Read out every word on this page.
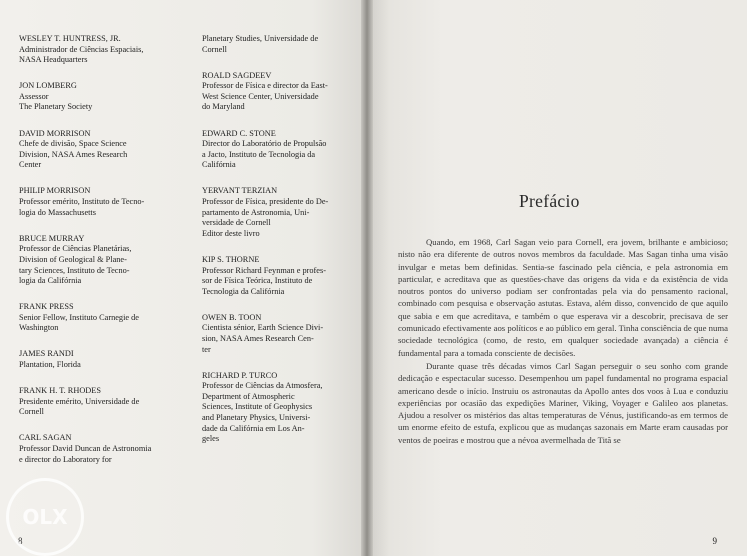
WESLEY T. HUNTRESS, JR.
Administrador de Ciências Espaciais,
NASA Headquarters
JON LOMBERG
Assessor
The Planetary Society
DAVID MORRISON
Chefe de divisão, Space Science
Division, NASA Ames Research
Center
PHILIP MORRISON
Professor emérito, Instituto de Tecno-
logia do Massachusetts
BRUCE MURRAY
Professor de Ciências Planetárias,
Division of Geological & Plane-
tary Sciences, Instituto de Tecno-
logia da Califórnia
FRANK PRESS
Senior Fellow, Instituto Carnegie de
Washington
JAMES RANDI
Plantation, Florida
FRANK H. T. RHODES
Presidente emérito, Universidade de
Cornell
CARL SAGAN
Professor David Duncan de Astronomia
e director do Laboratory for
Planetary Studies, Universidade de
Cornell
ROALD SAGDEEV
Professor de Física e director da East-
West Science Center, Universidade
do Maryland
EDWARD C. STONE
Director do Laboratório de Propulsão
a Jacto, Instituto de Tecnologia da
Califórnia
YERVANT TERZIAN
Professor de Física, presidente do De-
partamento de Astronomia, Uni-
versidade de Cornell
Editor deste livro
KIP S. THORNE
Professor Richard Feynman e profes-
sor de Física Teórica, Instituto de
Tecnologia da Califórnia
OWEN B. TOON
Cientista sénior, Earth Science Divi-
sion, NASA Ames Research Cen-
ter
RICHARD P. TURCO
Professor de Ciências da Atmosfera,
Department of Atmospheric
Sciences, Institute of Geophysics
and Planetary Physics, Universi-
dade da Califórnia em Los An-
geles
8
Prefácio

Quando, em 1968, Carl Sagan veio para Cornell, era jovem, brilhante e ambicioso; nisto não era diferente de outros novos membros da faculdade. Mas Sagan tinha uma visão invulgar e metas bem definidas. Sentia-se fascinado pela ciência, e pela astronomia em particular, e acreditava que as questões-chave das origens da vida e da existência de vida noutros pontos do universo podiam ser confrontadas pela via do pensamento racional, combinado com pesquisa e observação astutas. Estava, além disso, convencido de que aquilo que sabia e em que acreditava, e também o que esperava vir a descobrir, precisava de ser comunicado efectivamente aos políticos e ao público em geral. Tinha consciência de que numa sociedade tecnológica (como, de resto, em qualquer sociedade avançada) a ciência é fundamental para a tomada consciente de decisões.

Durante quase três décadas vimos Carl Sagan perseguir o seu sonho com grande dedicação e espectacular sucesso. Desempenhou um papel fundamental no programa espacial americano desde o início. Instruiu os astronautas da Apollo antes dos voos à Lua e conduziu experiências por ocasião das expedições Mariner, Viking, Voyager e Galileo aos planetas. Ajudou a resolver os mistérios das altas temperaturas de Vénus, justificando-as em termos de um enorme efeito de estufa, explicou que as mudanças sazonais em Marte eram causadas por ventos de poeiras e mostrou que a névoa avermelhada de Titã se

9
OLX
